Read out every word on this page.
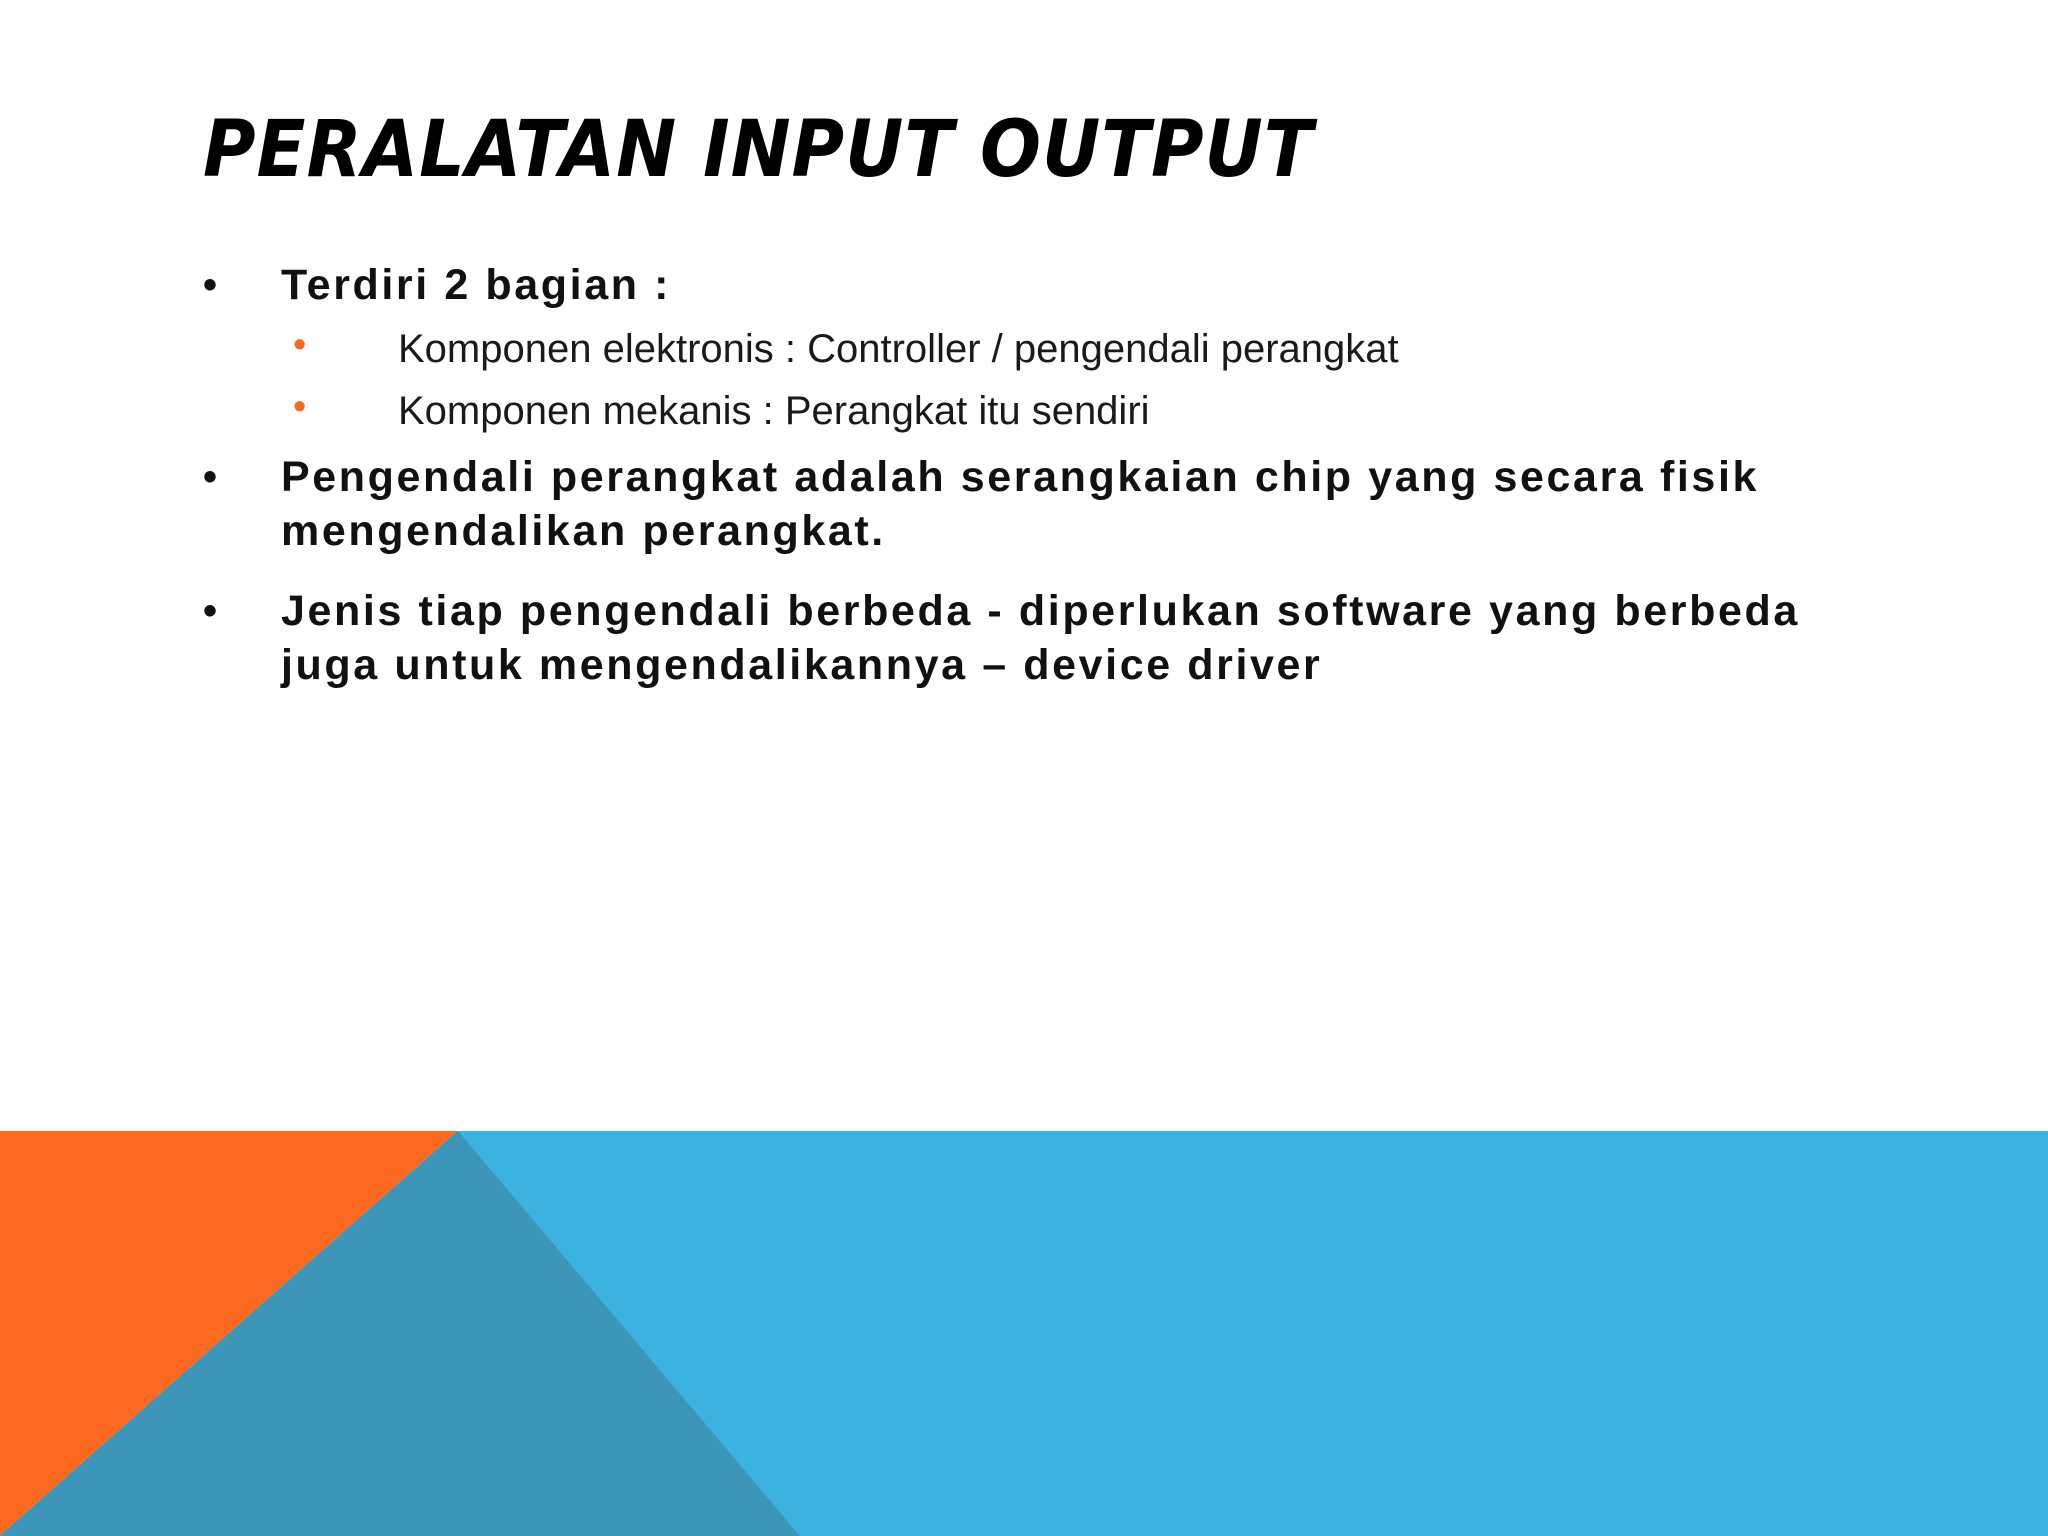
PERALATAN INPUT OUTPUT

• Terdiri 2 bagian :

• Komponen elektronis : Controller / pengendali perangkat

• Komponen mekanis : Perangkat itu sendiri

• Pengendali perangkat adalah serangkaian chip yang secara fisik mengendalikan perangkat.

• Jenis tiap pengendali berbeda - diperlukan software yang berbeda juga untuk mengendalikannya – device driver
